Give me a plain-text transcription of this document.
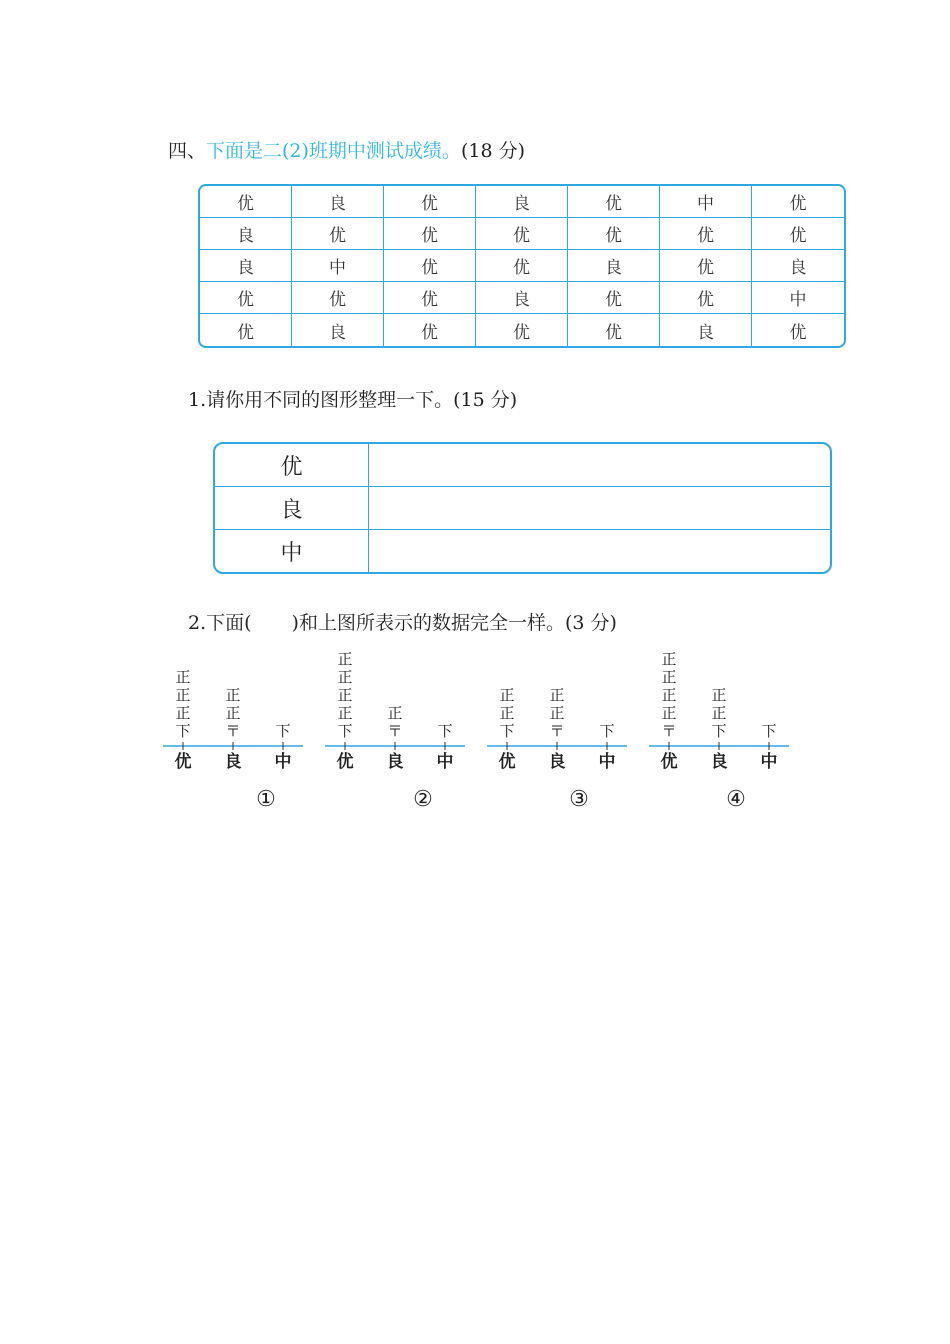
四、下面是二(2)班期中测试成绩。(18 分)
优	良	优	良	优	中	优
良	优	优	优	优	优	优
良	中	优	优	良	优	良
优	优	优	良	优	优	中
优	良	优	优	优	良	优
1.请你用不同的图形整理一下。(15 分)
优
良
中
2.下面( )和上图所表示的数据完全一样。(3 分)
正
正
正
下
优
正
正
〒
良
下
中
①
正
正
正
正
下
优
正
〒
良
下
中
②
正
正
下
优
正
正
〒
良
下
中
③
正
正
正
正
〒
优
正
正
下
良
下
中
④
